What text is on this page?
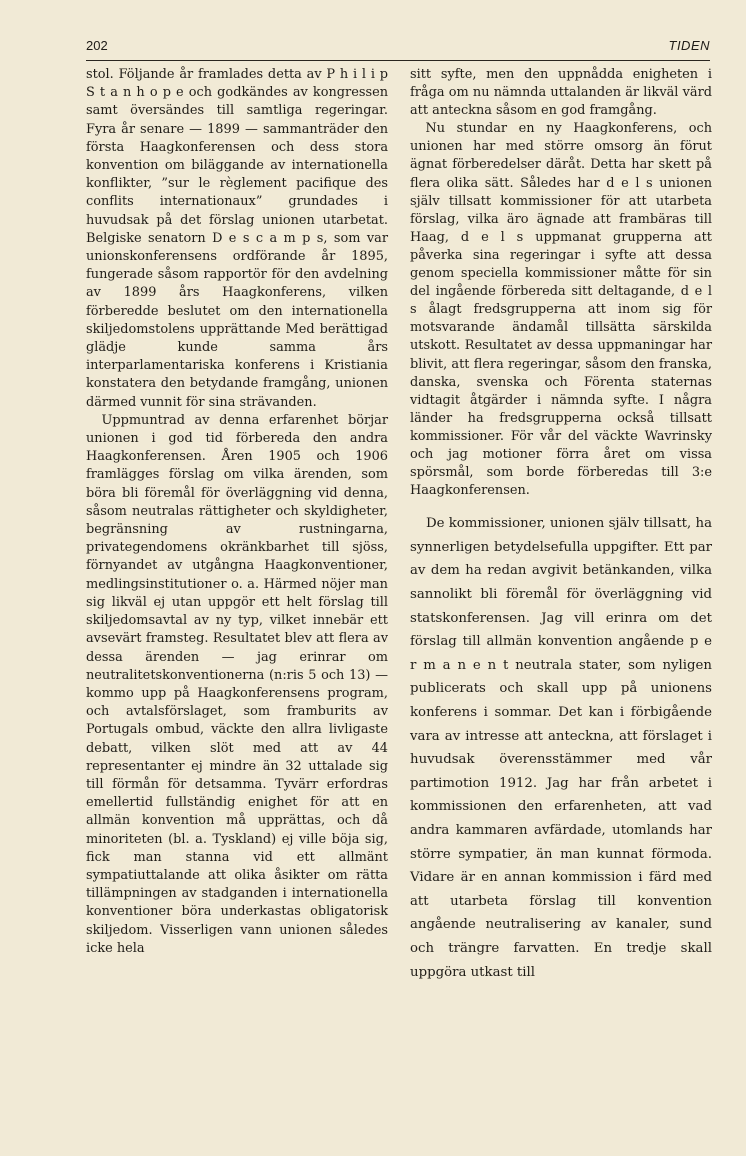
202	TIDEN

stol. Följande år framlades detta av P h i l i p S t a n h o p e och godkändes av kongressen samt översändes till samtliga regeringar. Fyra år senare — 1899 — sammanträder den första Haagkonferensen och dess stora konvention om biläggande av internationella konflikter, ”sur le règlement pacifique des conflits internationaux” grundades i huvudsak på det förslag unionen utarbetat. Belgiske senatorn D e s c a m p s, som var unionskonferensens ordförande år 1895, fungerade såsom rapportör för den avdelning av 1899 års Haagkonferens, vilken förberedde beslutet om den internationella skiljedomstolens upprättande Med berättigad glädje kunde samma års interparlamentariska konferens i Kristiania konstatera den betydande framgång, unionen därmed vunnit för sina strävanden.

Uppmuntrad av denna erfarenhet börjar unionen i god tid förbereda den andra Haagkonferensen. Åren 1905 och 1906 framlägges förslag om vilka ärenden, som böra bli föremål för överläggning vid denna, såsom neutralas rättigheter och skyldigheter, begränsning av rustningarna, privategendomens okränkbarhet till sjöss, förnyandet av utgångna Haagkonventioner, medlingsinstitutioner o. a. Härmed nöjer man sig likväl ej utan uppgör ett helt förslag till skiljedomsavtal av ny typ, vilket innebär ett avsevärt framsteg. Resultatet blev att flera av dessa ärenden — jag erinrar om neutralitetskonventionerna (n:ris 5 och 13) — kommo upp på Haagkonferensens program, och avtalsförslaget, som framburits av Portugals ombud, väckte den allra livligaste debatt, vilken slöt med att av 44 representanter ej mindre än 32 uttalade sig till förmån för detsamma. Tyvärr erfordras emellertid fullständig enighet för att en allmän konvention må upprättas, och då minoriteten (bl. a. Tyskland) ej ville böja sig, fick man stanna vid ett allmänt sympatiuttalande att olika åsikter om rätta tillämpningen av stadganden i internationella konventioner böra underkastas obligatorisk skiljedom. Visserligen vann unionen således icke hela

sitt syfte, men den uppnådda enigheten i fråga om nu nämnda uttalanden är likväl värd att anteckna såsom en god framgång.

Nu stundar en ny Haagkonferens, och unionen har med större omsorg än förut ägnat förberedelser däråt. Detta har skett på flera olika sätt. Således har d e l s unionen själv tillsatt kommissioner för att utarbeta förslag, vilka äro ägnade att frambäras till Haag, d e l s uppmanat grupperna att påverka sina regeringar i syfte att dessa genom speciella kommissioner måtte för sin del ingående förbereda sitt deltagande, d e l s ålagt fredsgrupperna att inom sig för motsvarande ändamål tillsätta särskilda utskott. Resultatet av dessa uppmaningar har blivit, att flera regeringar, såsom den franska, danska, svenska och Förenta staternas vidtagit åtgärder i nämnda syfte. I några länder ha fredsgrupperna också tillsatt kommissioner. För vår del väckte Wavrinsky och jag motioner förra året om vissa spörsmål, som borde förberedas till 3:e Haagkonferensen.

De kommissioner, unionen själv tillsatt, ha synnerligen betydelsefulla uppgifter. Ett par av dem ha redan avgivit betänkanden, vilka sannolikt bli föremål för överläggning vid statskonferensen. Jag vill erinra om det förslag till allmän konvention angående p e r m a n e n t neutrala stater, som nyligen publicerats och skall upp på unionens konferens i sommar. Det kan i förbigående vara av intresse att anteckna, att förslaget i huvudsak överensstämmer med vår partimotion 1912. Jag har från arbetet i kommissionen den erfarenheten, att vad andra kammaren avfärdade, utomlands har större sympatier, än man kunnat förmoda. Vidare är en annan kommission i färd med att utarbeta förslag till konvention angående neutralisering av kanaler, sund och trängre farvatten. En tredje skall uppgöra utkast till
